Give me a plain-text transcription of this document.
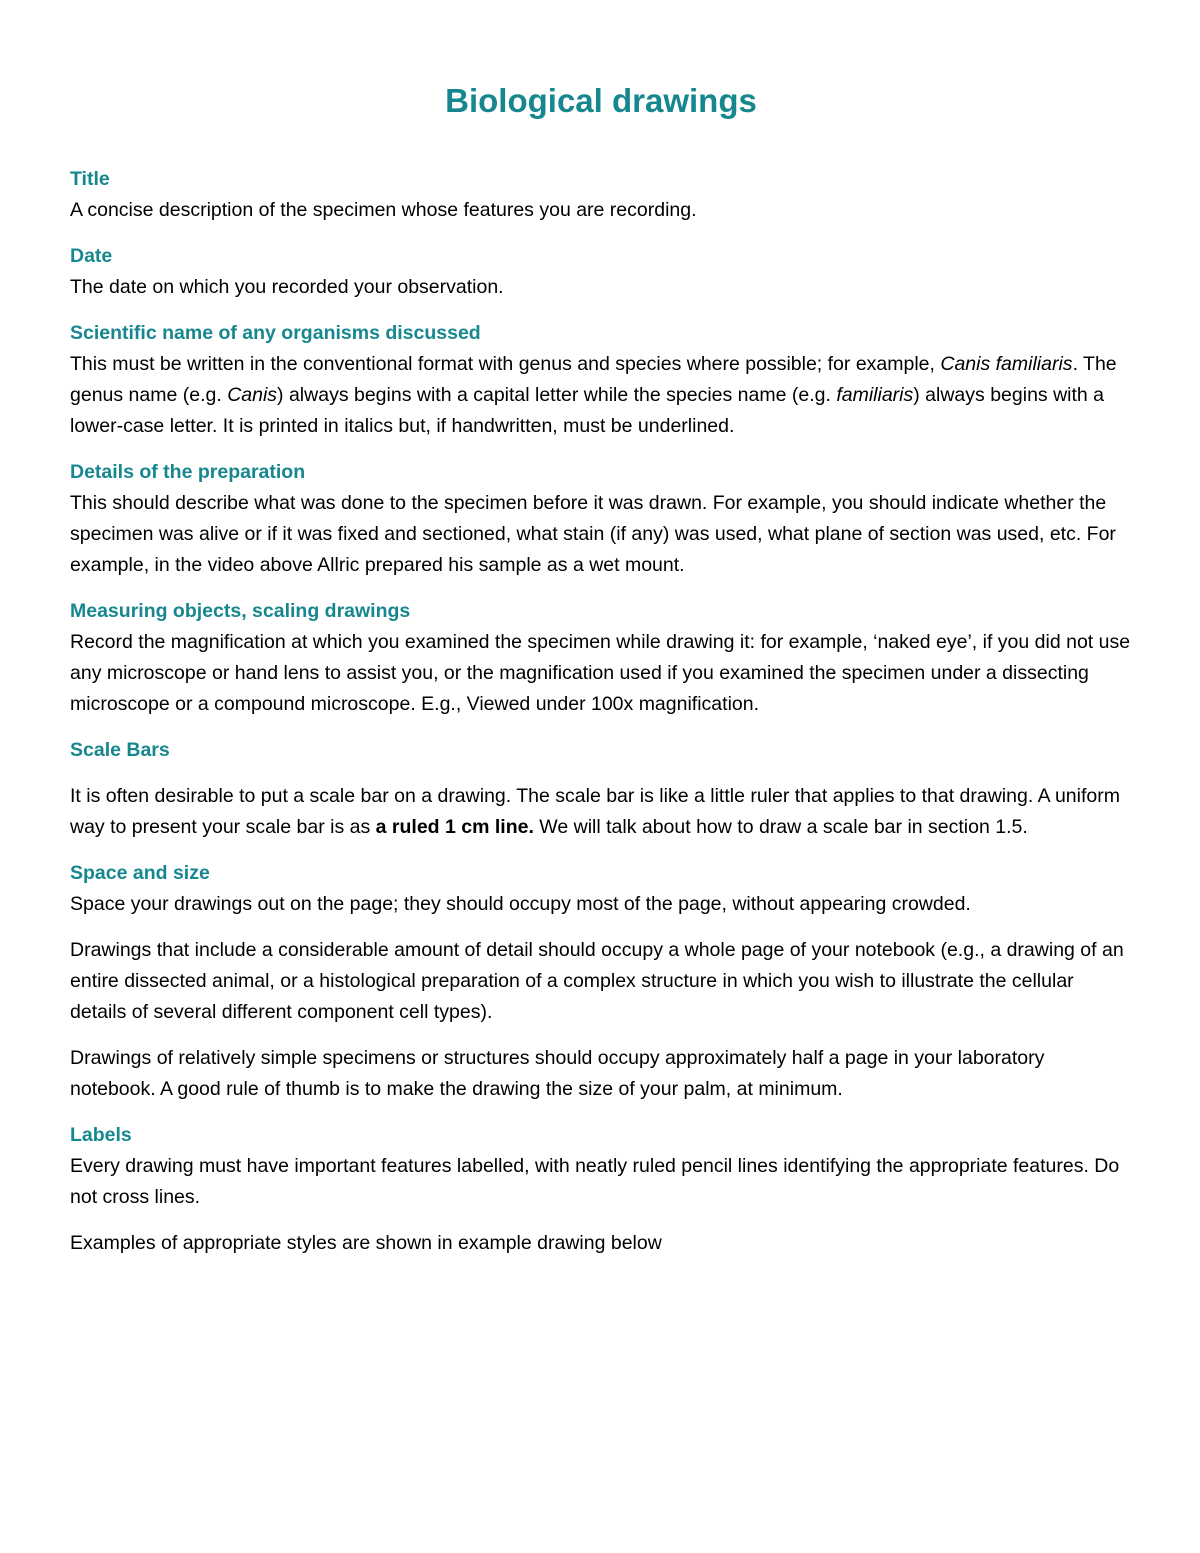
Biological drawings

Title

A concise description of the specimen whose features you are recording.

Date

The date on which you recorded your observation.

Scientific name of any organisms discussed

This must be written in the conventional format with genus and species where possible; for example, Canis familiaris. The genus name (e.g. Canis) always begins with a capital letter while the species name (e.g. familiaris) always begins with a lower-case letter. It is printed in italics but, if handwritten, must be underlined.

Details of the preparation

This should describe what was done to the specimen before it was drawn. For example, you should indicate whether the specimen was alive or if it was fixed and sectioned, what stain (if any) was used, what plane of section was used, etc. For example, in the video above Allric prepared his sample as a wet mount.

Measuring objects, scaling drawings

Record the magnification at which you examined the specimen while drawing it: for example, ‘naked eye’, if you did not use any microscope or hand lens to assist you, or the magnification used if you examined the specimen under a dissecting microscope or a compound microscope. E.g., Viewed under 100x magnification.

Scale Bars

It is often desirable to put a scale bar on a drawing. The scale bar is like a little ruler that applies to that drawing. A uniform way to present your scale bar is as a ruled 1 cm line. We will talk about how to draw a scale bar in section 1.5.

Space and size

Space your drawings out on the page; they should occupy most of the page, without appearing crowded.

Drawings that include a considerable amount of detail should occupy a whole page of your notebook (e.g., a drawing of an entire dissected animal, or a histological preparation of a complex structure in which you wish to illustrate the cellular details of several different component cell types).

Drawings of relatively simple specimens or structures should occupy approximately half a page in your laboratory notebook. A good rule of thumb is to make the drawing the size of your palm, at minimum.

Labels

Every drawing must have important features labelled, with neatly ruled pencil lines identifying the appropriate features. Do not cross lines.

Examples of appropriate styles are shown in example drawing below
